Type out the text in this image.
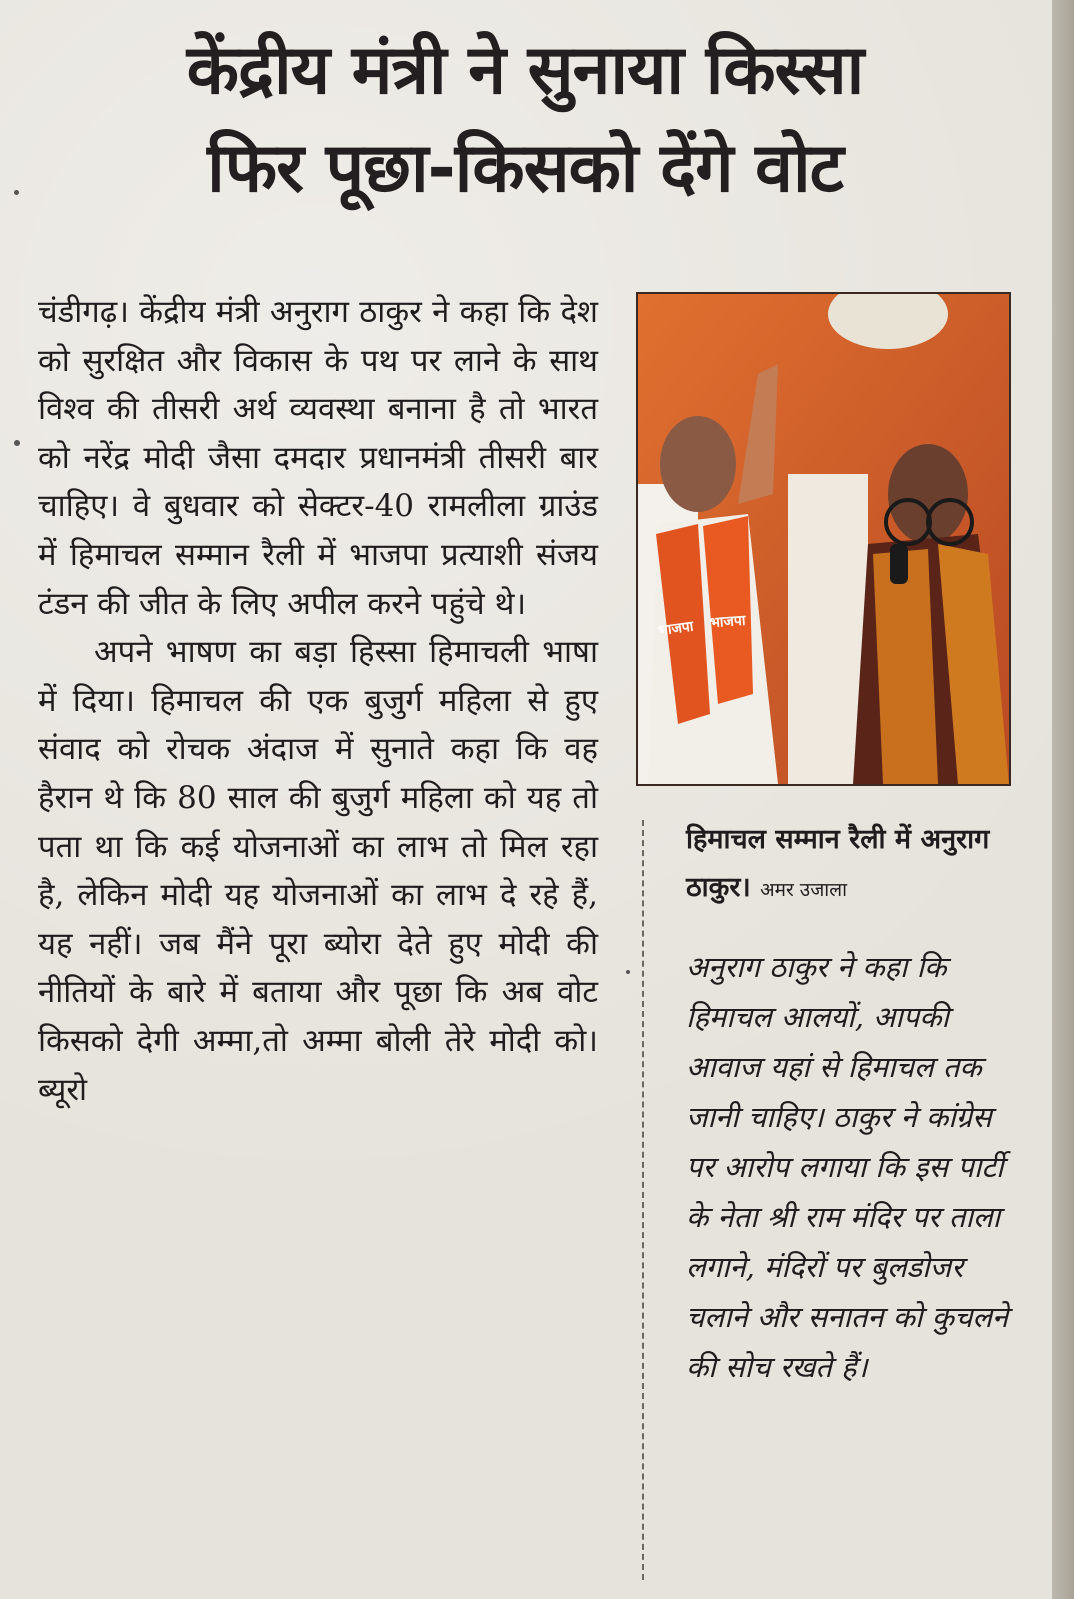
केंद्रीय मंत्री ने सुनाया किस्सा
फिर पूछा-किसको देंगे वोट

चंडीगढ़। केंद्रीय मंत्री अनुराग ठाकुर ने कहा कि देश को सुरक्षित और विकास के पथ पर लाने के साथ विश्व की तीसरी अर्थ व्यवस्था बनाना है तो भारत को नरेंद्र मोदी जैसा दमदार प्रधानमंत्री तीसरी बार चाहिए। वे बुधवार को सेक्टर-40 रामलीला ग्राउंड में हिमाचल सम्मान रैली में भाजपा प्रत्याशी संजय टंडन की जीत के लिए अपील करने पहुंचे थे।

अपने भाषण का बड़ा हिस्सा हिमाचली भाषा में दिया। हिमाचल की एक बुजुर्ग महिला से हुए संवाद को रोचक अंदाज में सुनाते कहा कि वह हैरान थे कि 80 साल की बुजुर्ग महिला को यह तो पता था कि कई योजनाओं का लाभ तो मिल रहा है, लेकिन मोदी यह योजनाओं का लाभ दे रहे हैं, यह नहीं। जब मैंने पूरा ब्योरा देते हुए मोदी की नीतियों के बारे में बताया और पूछा कि अब वोट किसको देगी अम्मा,तो अम्मा बोली तेरे मोदी को। ब्यूरो

भाजपा भाजपा
हिमाचल सम्मान रैली में अनुराग ठाकुर। अमर उजाला
अनुराग ठाकुर ने कहा कि हिमाचल आलयों, आपकी आवाज यहां से हिमाचल तक जानी चाहिए। ठाकुर ने कांग्रेस पर आरोप लगाया कि इस पार्टी के नेता श्री राम मंदिर पर ताला लगाने, मंदिरों पर बुलडोजर चलाने और सनातन को कुचलने की सोच रखते हैं।
